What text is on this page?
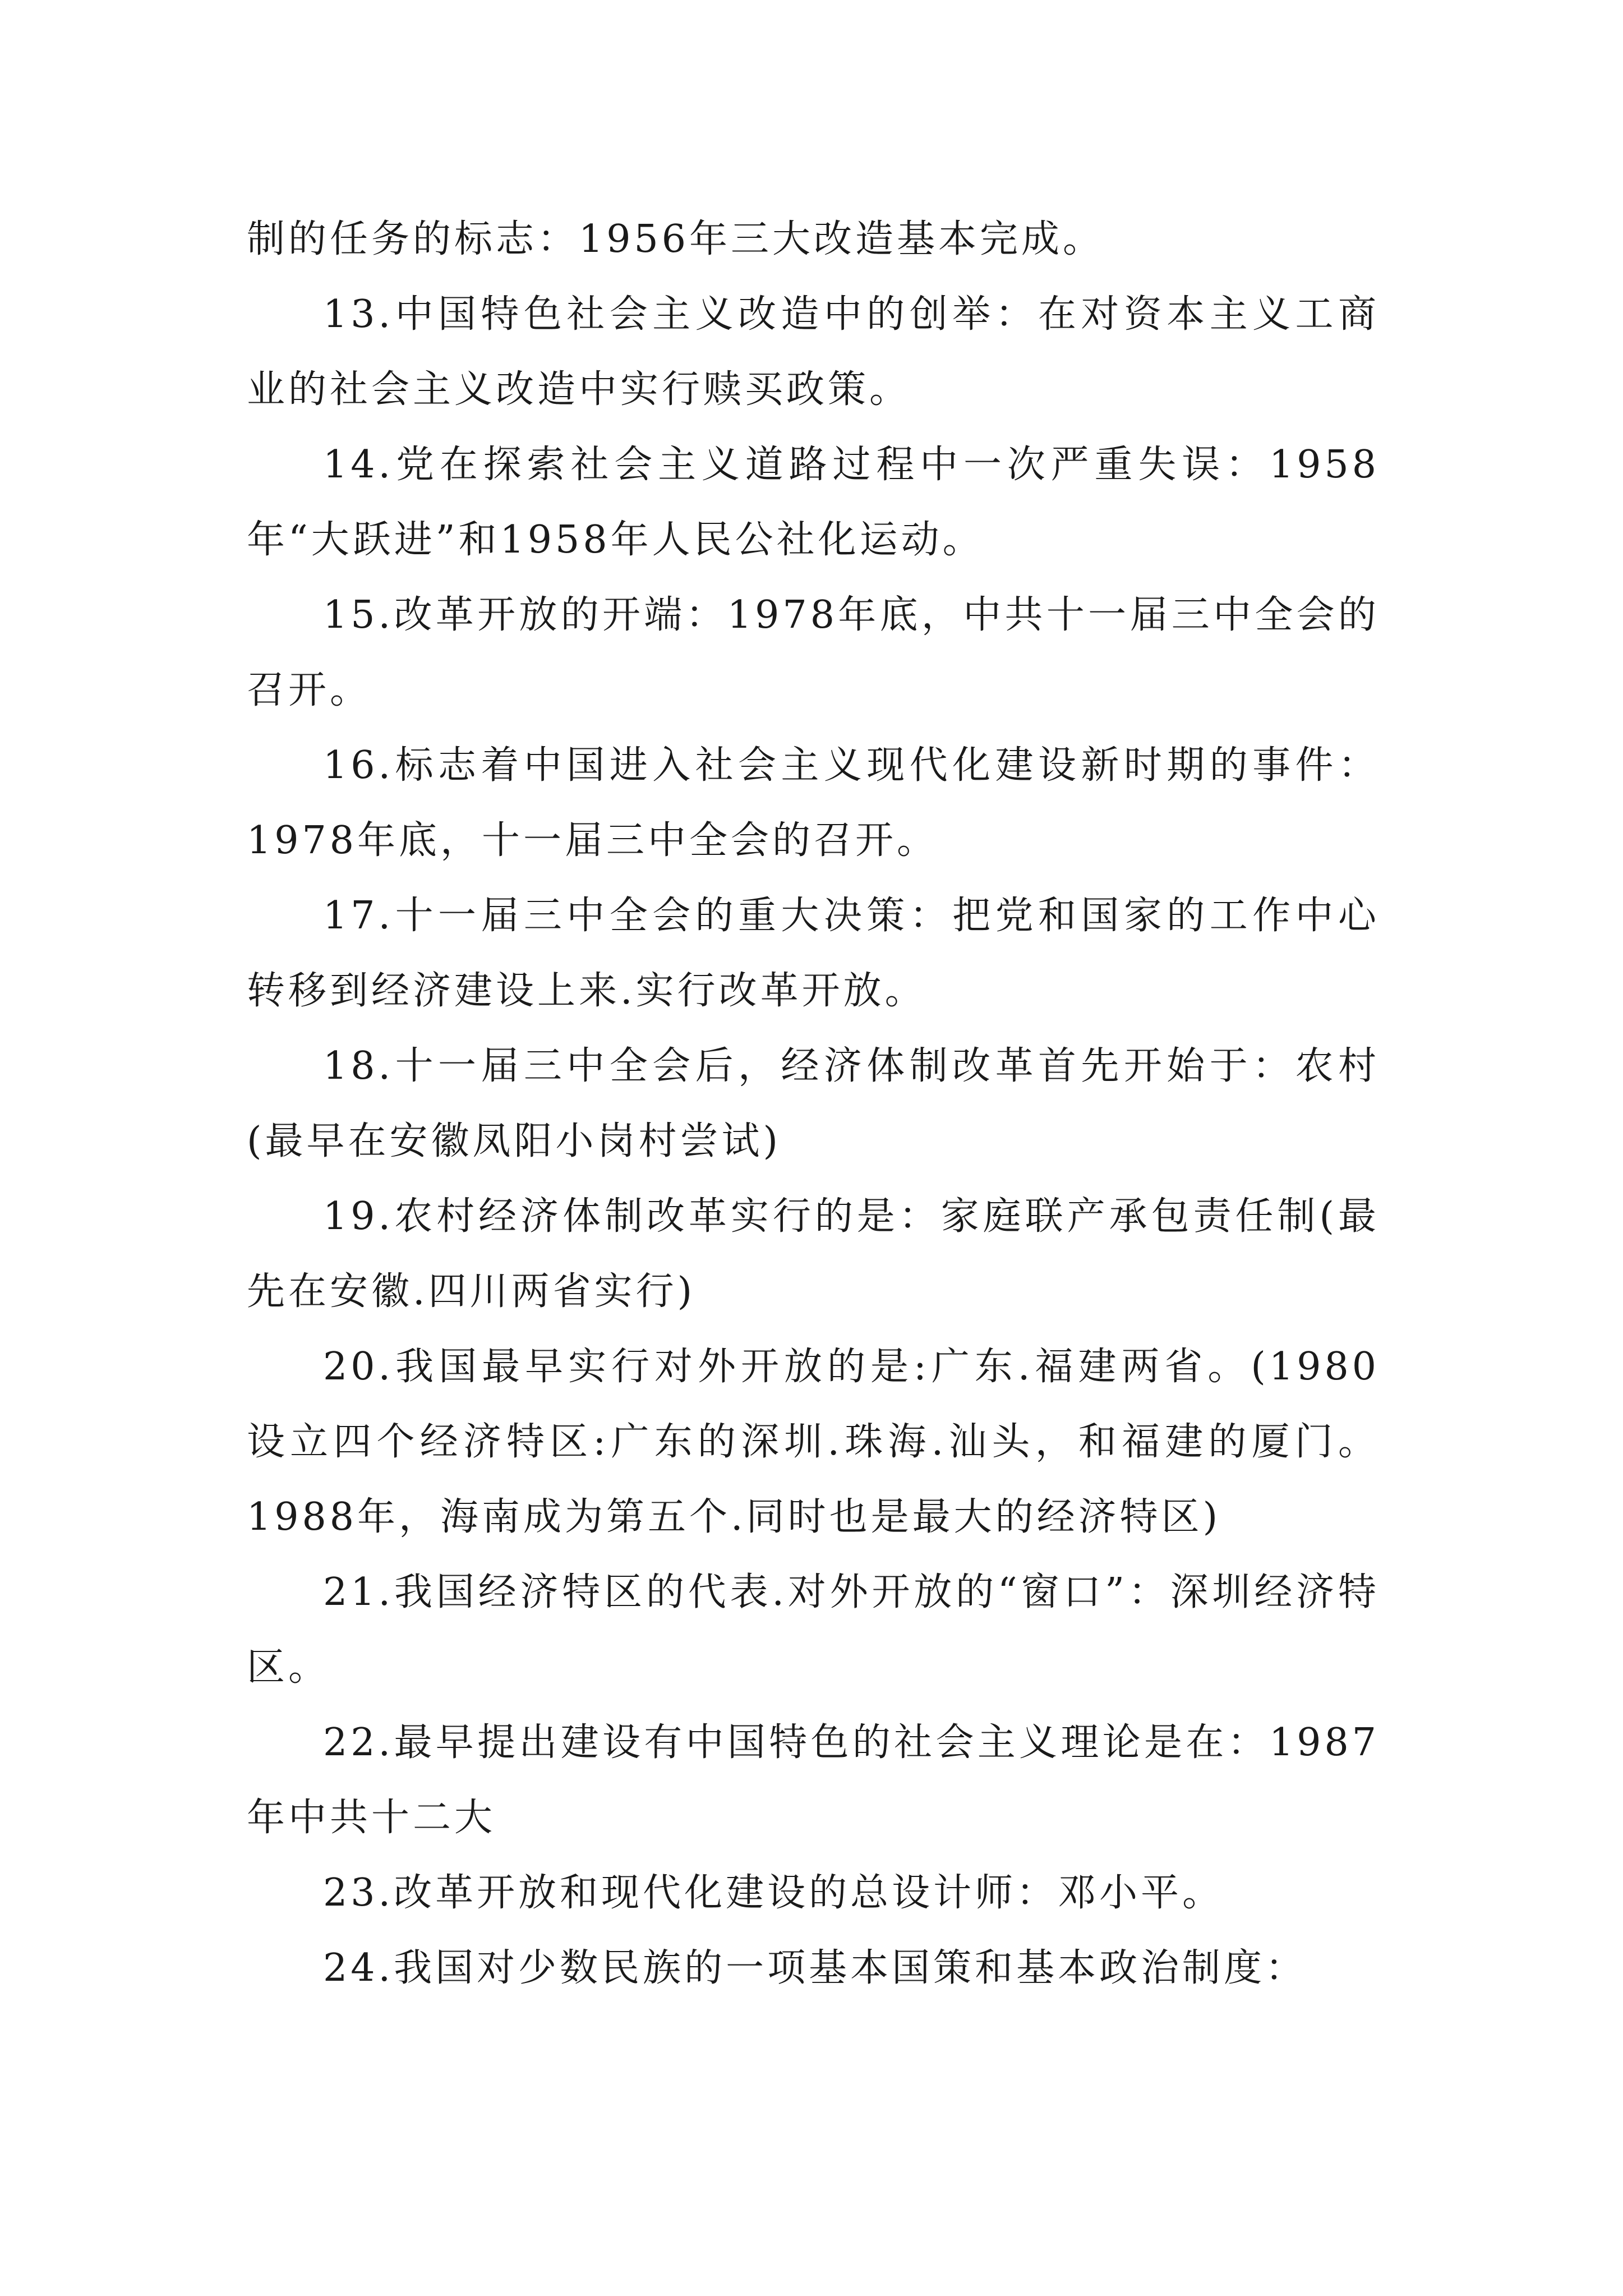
制的任务的标志：1956年三大改造基本完成。

13.中国特色社会主义改造中的创举：在对资本主义工商业的社会主义改造中实行赎买政策。

14.党在探索社会主义道路过程中一次严重失误：1958年“大跃进”和1958年人民公社化运动。

15.改革开放的开端：1978年底，中共十一届三中全会的召开。

16.标志着中国进入社会主义现代化建设新时期的事件：1978年底，十一届三中全会的召开。

17.十一届三中全会的重大决策：把党和国家的工作中心转移到经济建设上来.实行改革开放。

18.十一届三中全会后，经济体制改革首先开始于：农村(最早在安徽凤阳小岗村尝试)

19.农村经济体制改革实行的是：家庭联产承包责任制(最先在安徽.四川两省实行)

20.我国最早实行对外开放的是:广东.福建两省。(1980设立四个经济特区:广东的深圳.珠海.汕头，和福建的厦门。1988年，海南成为第五个.同时也是最大的经济特区)

21.我国经济特区的代表.对外开放的“窗口”：深圳经济特区。

22.最早提出建设有中国特色的社会主义理论是在：1987年中共十二大

23.改革开放和现代化建设的总设计师：邓小平。

24.我国对少数民族的一项基本国策和基本政治制度：
